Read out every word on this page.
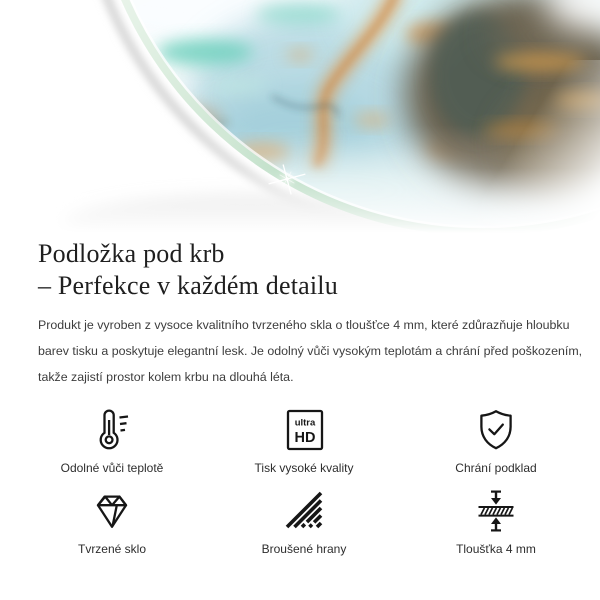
Podložka pod krb
– Perfekce v každém detailu

Produkt je vyroben z vysoce kvalitního tvrzeného skla o tloušťce 4 mm, které zdůrazňuje hloubku
barev tisku a poskytuje elegantní lesk. Je odolný vůči vysokým teplotám a chrání před poškozením,
takže zajistí prostor kolem krbu na dlouhá léta.

Odolné vůči teplotě
ultra
HD
Tisk vysoké kvality	Chrání podklad
Tvrzené sklo	Broušené hrany	Tloušťka 4 mm
